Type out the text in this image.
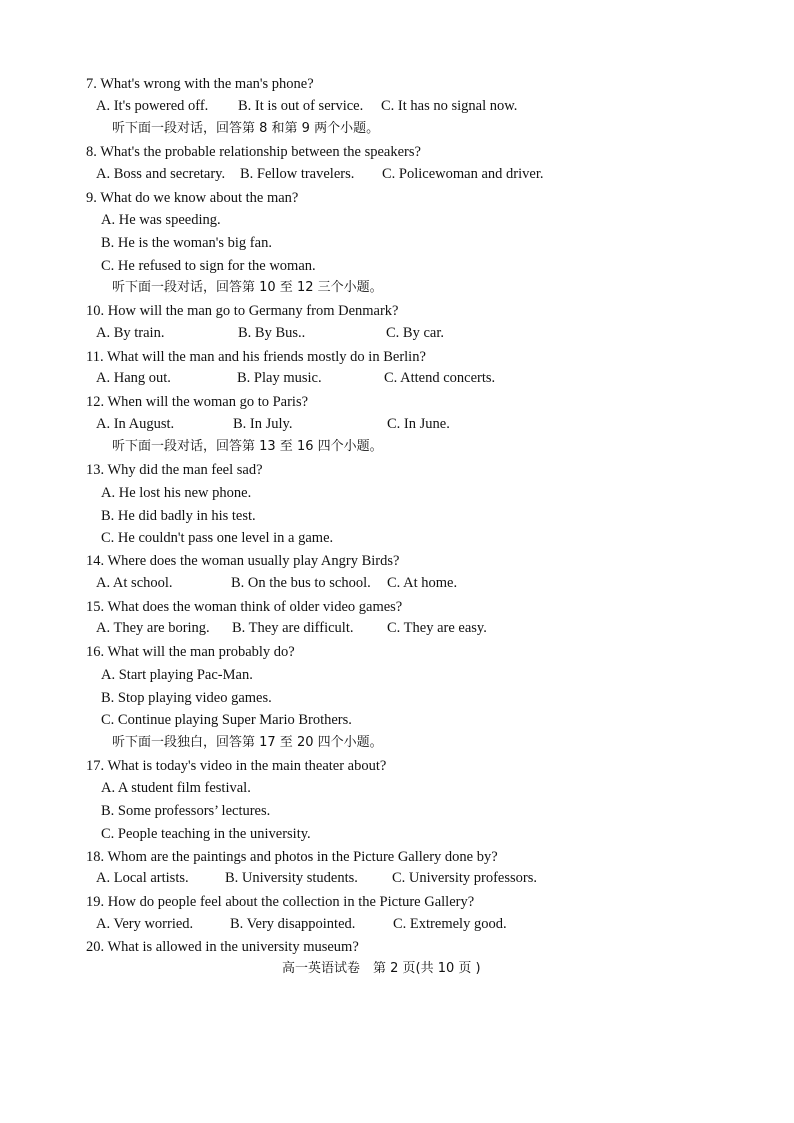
7. What's wrong with the man's phone?
A. It's powered off. B. It is out of service. C. It has no signal now.
听下面一段对话，回答第 8 和第 9 两个小题。
8. What's the probable relationship between the speakers?
A. Boss and secretary. B. Fellow travelers. C. Policewoman and driver.
9. What do we know about the man?
A. He was speeding.
B. He is the woman's big fan.
C. He refused to sign for the woman.
听下面一段对话，回答第 10 至 12 三个小题。
10. How will the man go to Germany from Denmark?
A. By train.	B. By Bus..	C. By car.
11. What will the man and his friends mostly do in Berlin?
A. Hang out.	B. Play music.	C. Attend concerts.
12. When will the woman go to Paris?
A. In August.	B. In July.	C. In June.
听下面一段对话，回答第 13 至 16 四个小题。
13. Why did the man feel sad?
A. He lost his new phone.
B. He did badly in his test.
C. He couldn't pass one level in a game.
14. Where does the woman usually play Angry Birds?
A. At school.	B. On the bus to school. C. At home.
15. What does the woman think of older video games?
A. They are boring. B. They are difficult. C. They are easy.
16. What will the man probably do?
A. Start playing Pac-Man.
B. Stop playing video games.
C. Continue playing Super Mario Brothers.
听下面一段独白，回答第 17 至 20 四个小题。
17. What is today's video in the main theater about?
A. A student film festival.
B. Some professors’ lectures.
C. People teaching in the university.
18. Whom are the paintings and photos in the Picture Gallery done by?
A. Local artists.	B. University students. C. University professors.
19. How do people feel about the collection in the Picture Gallery?
A. Very worried.	B. Very disappointed.	C. Extremely good.
20. What is allowed in the university museum?
高一英语试卷　第 2 页(共 10 页 )
